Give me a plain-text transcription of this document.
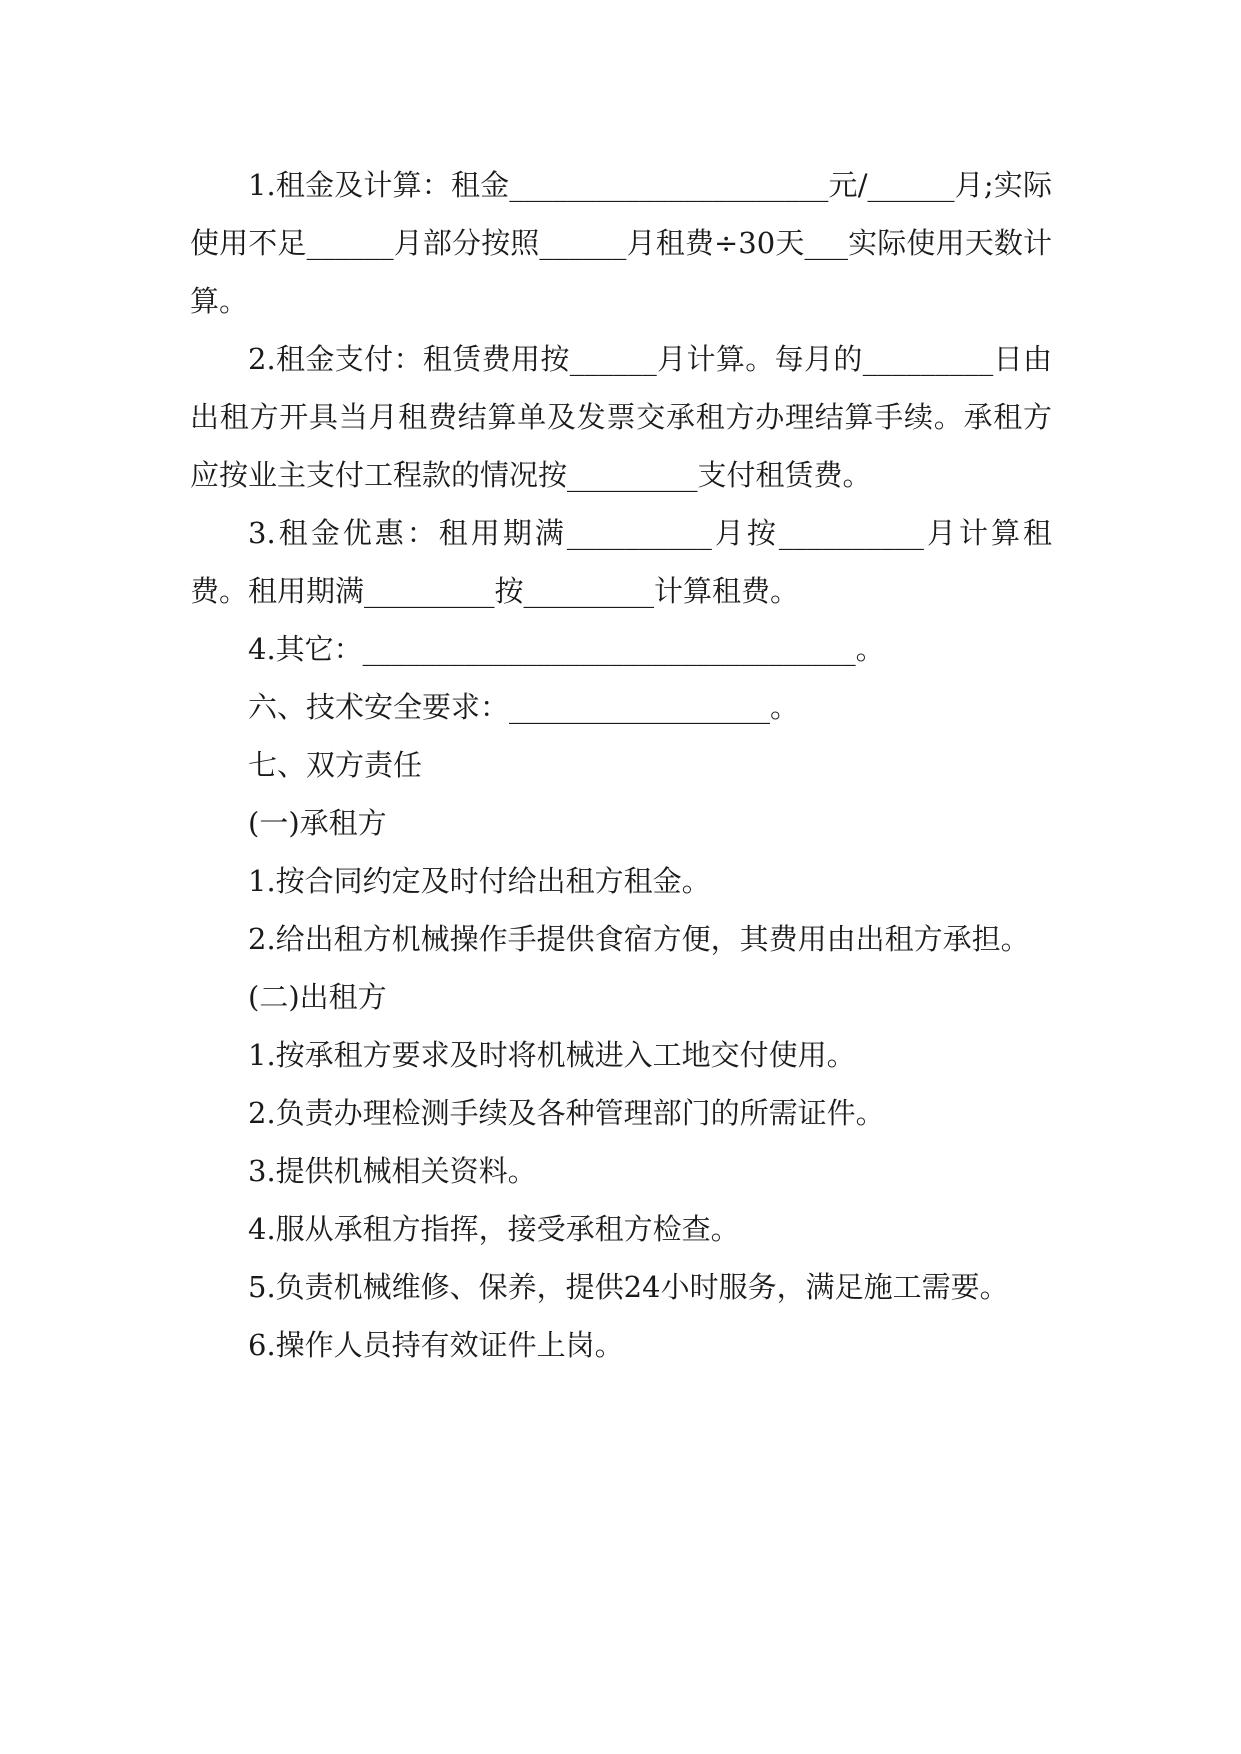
1.租金及计算：租金______________________元/______月;实际使用不足______月部分按照______月租费÷30天___实际使用天数计算。

2.租金支付：租赁费用按______月计算。每月的_________日由出租方开具当月租费结算单及发票交承租方办理结算手续。承租方应按业主支付工程款的情况按_________支付租赁费。

3.租金优惠：租用期满__________月按__________月计算租费。租用期满_________按_________计算租费。

4.其它：__________________________________。

六、技术安全要求：__________________。

七、双方责任

(一)承租方

1.按合同约定及时付给出租方租金。

2.给出租方机械操作手提供食宿方便，其费用由出租方承担。

(二)出租方

1.按承租方要求及时将机械进入工地交付使用。

2.负责办理检测手续及各种管理部门的所需证件。

3.提供机械相关资料。

4.服从承租方指挥，接受承租方检查。

5.负责机械维修、保养，提供24小时服务，满足施工需要。

6.操作人员持有效证件上岗。
